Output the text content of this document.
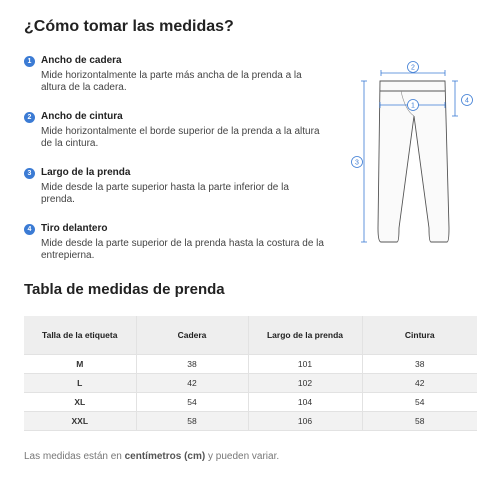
¿Cómo tomar las medidas?
1 Ancho de cadera
Mide horizontalmente la parte más ancha de la prenda a la altura de la cadera.
2 Ancho de cintura
Mide horizontalmente el borde superior de la prenda a la altura de la cintura.
3 Largo de la prenda
Mide desde la parte superior hasta la parte inferior de la prenda.
4 Tiro delantero
Mide desde la parte superior de la prenda hasta la costura de la entrepierna.
2
1
3
4
Tabla de medidas de prenda
Talla de la etiqueta	Cadera	Largo de la prenda	Cintura
M	38	101	38
L	42	102	42
XL	54	104	54
XXL	58	106	58
Las medidas están en centímetros (cm) y pueden variar.
